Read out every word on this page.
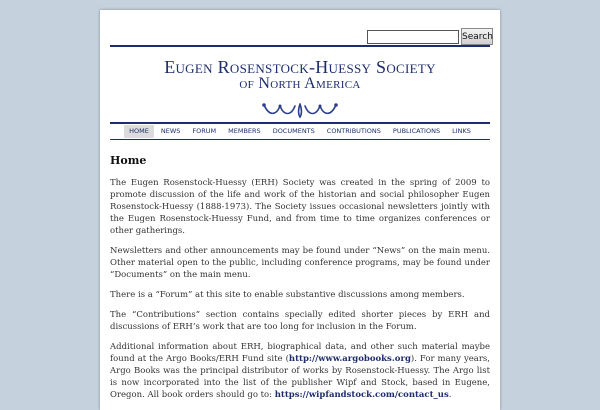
Search
Eugen Rosenstock-Huessy Society
of North America
HOME	NEWS	FORUM	MEMBERS	DOCUMENTS	CONTRIBUTIONS	PUBLICATIONS	LINKS
Home

The Eugen Rosenstock-Huessy (ERH) Society was created in the spring of 2009 to promote discussion of the life and work of the historian and social philosopher Eugen Rosenstock-Huessy (1888-1973). The Society issues occasional newsletters jointly with the Eugen Rosenstock-Huessy Fund, and from time to time organizes conferences or other gatherings.

Newsletters and other announcements may be found under “News” on the main menu. Other material open to the public, including conference programs, may be found under “Documents” on the main menu.

There is a “Forum” at this site to enable substantive discussions among members.

The “Contributions” section contains specially edited shorter pieces by ERH and discussions of ERH’s work that are too long for inclusion in the Forum.

Additional information about ERH, biographical data, and other such material maybe found at the Argo Books/ERH Fund site (http://www.argobooks.org). For many years, Argo Books was the principal distributor of works by Rosenstock-Huessy. The Argo list is now incorporated into the list of the publisher Wipf and Stock, based in Eugene, Oregon. All book orders should go to: https://wipfandstock.com/contact_us.
